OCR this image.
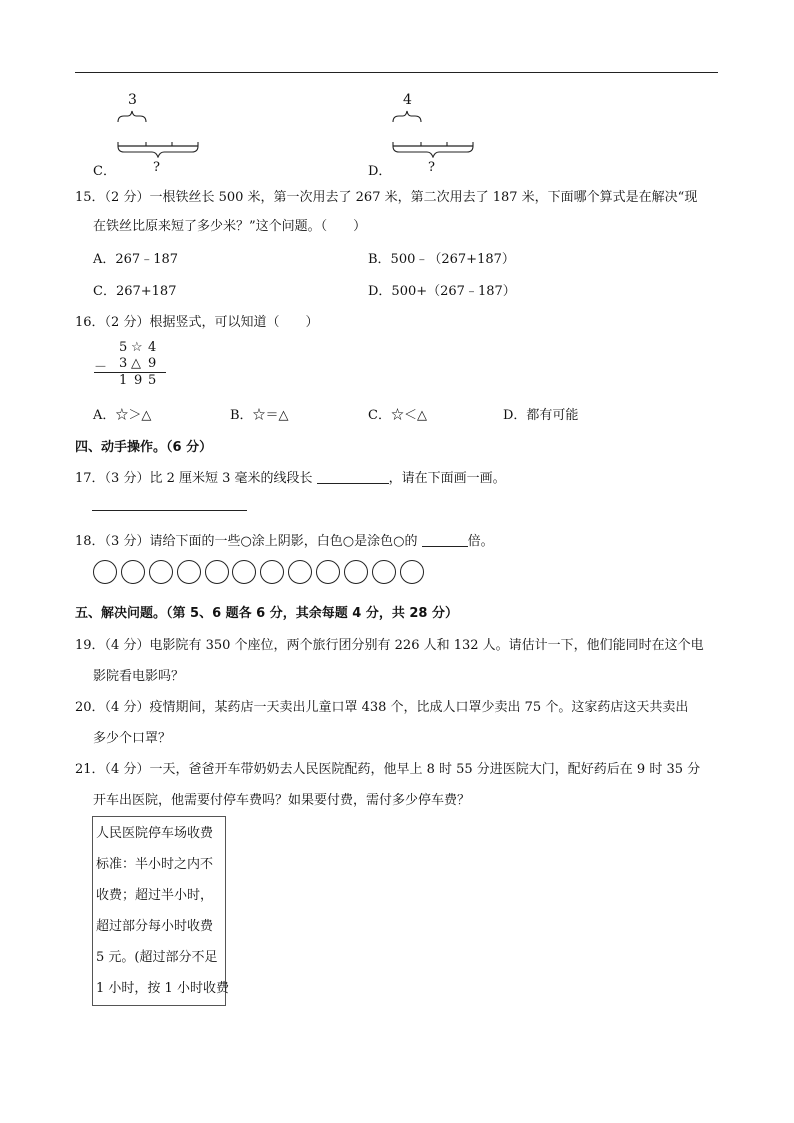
3
C．	?
4
D．	?
15．（2 分）一根铁丝长 500 米，第一次用去了 267 米，第二次用去了 187 米，下面哪个算式是在解决“现
在铁丝比原来短了多少米？”这个问题。（　　）
A．267﹣187	B．500﹣（267+187）
C．267+187	D．500+（267﹣187）
16．（2 分）根据竖式，可以知道（　　）
5 ☆ 4
－ 3 △ 9
1 9 5
A．☆＞△	B．☆＝△	C．☆＜△	D．都有可能
四、动手操作。（6 分）
17．（3 分）比 2 厘米短 3 毫米的线段长	，请在下面画一画。
18．（3 分）请给下面的一些○涂上阴影，白色○是涂色○的	倍。
五、解决问题。（第 5、6 题各 6 分，其余每题 4 分，共 28 分）
19．（4 分）电影院有 350 个座位，两个旅行团分别有 226 人和 132 人。请估计一下，他们能同时在这个电
影院看电影吗？
20．（4 分）疫情期间，某药店一天卖出儿童口罩 438 个，比成人口罩少卖出 75 个。这家药店这天共卖出
多少个口罩？
21．（4 分）一天，爸爸开车带奶奶去人民医院配药，他早上 8 时 55 分进医院大门，配好药后在 9 时 35 分
开车出医院，他需要付停车费吗？如果要付费，需付多少停车费？
人民医院停车场收费
标准：半小时之内不
收费；超过半小时，
超过部分每小时收费
5 元。(超过部分不足
1 小时，按 1 小时收费
